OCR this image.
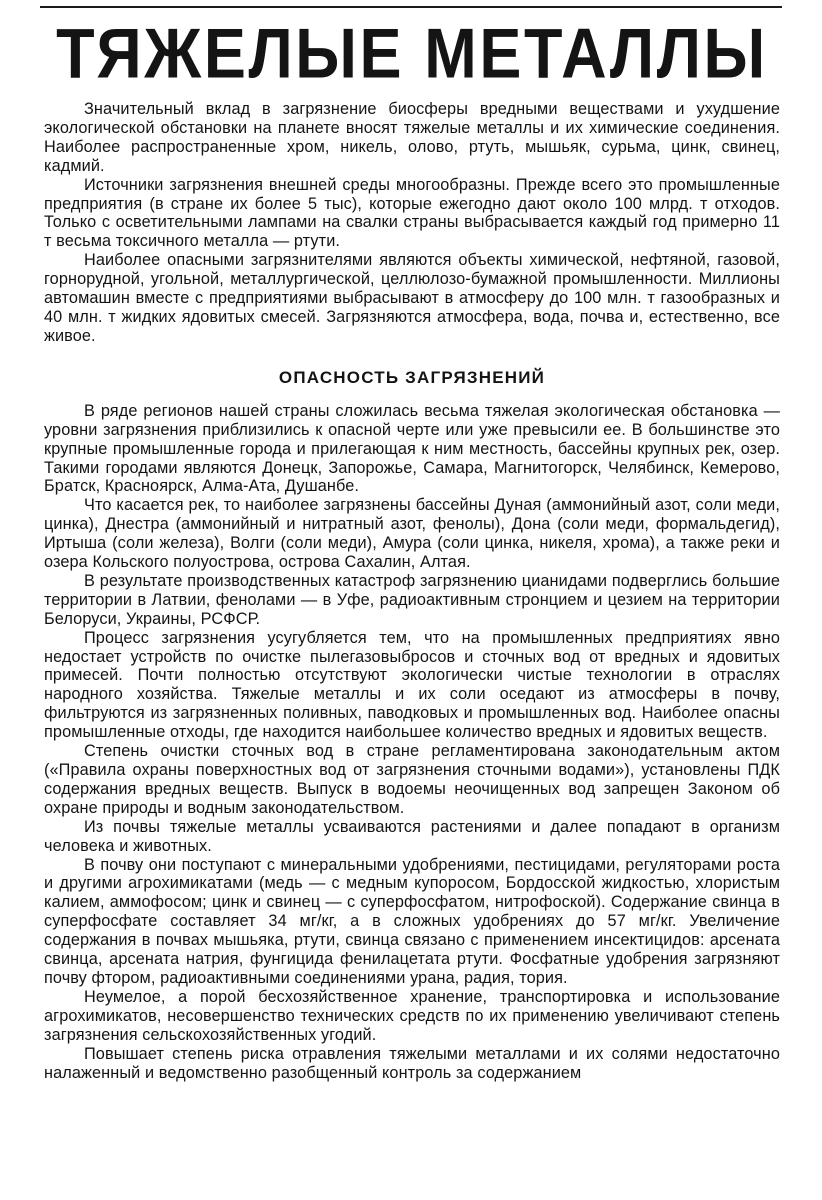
ТЯЖЕЛЫЕ МЕТАЛЛЫ

Значительный вклад в загрязнение биосферы вредными веществами и ухудшение экологической обстановки на планете вносят тяжелые металлы и их химические соединения. Наиболее распространенные хром, никель, олово, ртуть, мышьяк, сурьма, цинк, свинец, кадмий.

Источники загрязнения внешней среды многообразны. Прежде всего это промышленные предприятия (в стране их более 5 тыс), которые ежегодно дают около 100 млрд. т отходов. Только с осветительными лампами на свалки страны выбрасывается каждый год примерно 11 т весьма токсичного металла — ртути.

Наиболее опасными загрязнителями являются объекты химической, нефтяной, газовой, горнорудной, угольной, металлургической, целлюлозо-бумажной промышленности. Миллионы автомашин вместе с предприятиями выбрасывают в атмосферу до 100 млн. т газообразных и 40 млн. т жидких ядовитых смесей. Загрязняются атмосфера, вода, почва и, естественно, все живое.

ОПАСНОСТЬ ЗАГРЯЗНЕНИЙ

В ряде регионов нашей страны сложилась весьма тяжелая экологическая обстановка — уровни загрязнения приблизились к опасной черте или уже превысили ее. В большинстве это крупные промышленные города и прилегающая к ним местность, бассейны крупных рек, озер. Такими городами являются Донецк, Запорожье, Самара, Магнитогорск, Челябинск, Кемерово, Братск, Красноярск, Алма-Ата, Душанбе.

Что касается рек, то наиболее загрязнены бассейны Дуная (аммонийный азот, соли меди, цинка), Днестра (аммонийный и нитратный азот, фенолы), Дона (соли меди, формальдегид), Иртыша (соли железа), Волги (соли меди), Амура (соли цинка, никеля, хрома), а также реки и озера Кольского полуострова, острова Сахалин, Алтая.

В результате производственных катастроф загрязнению цианидами подверглись большие территории в Латвии, фенолами — в Уфе, радиоактивным стронцием и цезием на территории Белоруси, Украины, РСФСР.

Процесс загрязнения усугубляется тем, что на промышленных предприятиях явно недостает устройств по очистке пылегазовыбросов и сточных вод от вредных и ядовитых примесей. Почти полностью отсутствуют экологически чистые технологии в отраслях народного хозяйства. Тяжелые металлы и их соли оседают из атмосферы в почву, фильтруются из загрязненных поливных, паводковых и промышленных вод. Наиболее опасны промышленные отходы, где находится наибольшее количество вредных и ядовитых веществ.

Степень очистки сточных вод в стране регламентирована законодательным актом («Правила охраны поверхностных вод от загрязнения сточными водами»), установлены ПДК содержания вредных веществ. Выпуск в водоемы неочищенных вод запрещен Законом об охране природы и водным законодательством.

Из почвы тяжелые металлы усваиваются растениями и далее попадают в организм человека и животных.

В почву они поступают с минеральными удобрениями, пестицидами, регуляторами роста и другими агрохимикатами (медь — с медным купоросом, Бордосской жидкостью, хлористым калием, аммофосом; цинк и свинец — с суперфосфатом, нитрофоской). Содержание свинца в суперфосфате составляет 34 мг/кг, а в сложных удобрениях до 57 мг/кг. Увеличение содержания в почвах мышьяка, ртути, свинца связано с применением инсектицидов: арсената свинца, арсената натрия, фунгицида фенилацетата ртути. Фосфатные удобрения загрязняют почву фтором, радиоактивными соединениями урана, радия, тория.

Неумелое, а порой бесхозяйственное хранение, транспортировка и использование агрохимикатов, несовершенство технических средств по их применению увеличивают степень загрязнения сельскохозяйственных угодий.

Повышает степень риска отравления тяжелыми металлами и их солями недостаточно налаженный и ведомственно разобщенный контроль за содержанием
